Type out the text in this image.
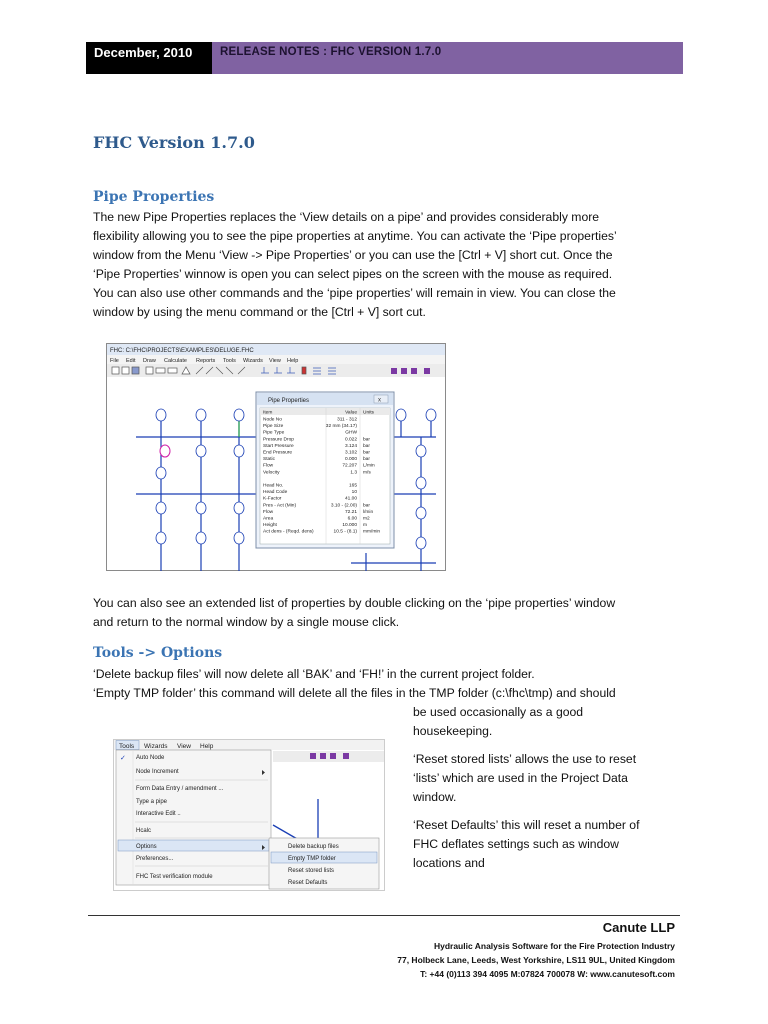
December, 2010	RELEASE NOTES : FHC VERSION 1.7.0
FHC Version 1.7.0
Pipe Properties

The new Pipe Properties replaces the ‘View details on a pipe’ and provides considerably more

flexibility allowing you to see the pipe properties at anytime. You can activate the ‘Pipe properties’

window from the Menu ‘View -> Pipe Properties’ or you can use the [Ctrl + V] short cut. Once the

‘Pipe Properties’ winnow is open you can select pipes on the screen with the mouse as required.

You can also use other commands and the ‘pipe properties’ will remain in view. You can close the

window by using the menu command or the [Ctrl + V] sort cut.

FHC: C:\FHC\PROJECTS\EXAMPLES\DELUGE.FHC
File Edit Draw Calculate Reports Tools Wizards View Help
Pipe Properties	x
Item	Value Units
Node No	311 - 312
Pipe Size	32 mm (34.17)
Pipe Type	GHW
Pressure Drop	0.022 bar
Start Pressure	3.124 bar
End Pressure	3.102 bar
Static	0.000 bar
Flow	72.207 L/min
Velocity	1.3 m/s
Head No.	165
Head Code	10
K-Factor	41.00
Pres - Act (Min)	3.10 - (2.00) bar
Flow	72.21 l/min
Area	6.00 m2
Height	10.000 m
Act dens - (Reqd. dens)	10.5 - (8.1) mm/min

You can also see an extended list of properties by double clicking on the ‘pipe properties’ window

and return to the normal window by a single mouse click.

Tools -> Options

‘Delete backup files’ will now delete all ‘BAK’ and ‘FH!’ in the current project folder.

‘Empty TMP folder’ this command will delete all the files in the TMP folder (c:\fhc\tmp) and should

be used occasionally as a good

housekeeping.

‘Reset stored lists’ allows the use to reset

‘lists’ which are used in the Project Data

window.

‘Reset Defaults’ this will reset a number of

FHC deflates settings such as window

locations and

Tools Wizards View Help
✓ Auto Node
Node Increment
Form Data Entry / amendment ...
Type a pipe
Interactive Edit ..
Hcalc
Options
Preferences...
FHC Test verification module
Delete backup files
Empty TMP folder
Reset stored lists
Reset Defaults
Canute LLP
Hydraulic Analysis Software for the Fire Protection Industry
77, Holbeck Lane, Leeds, West Yorkshire, LS11 9UL, United Kingdom
T: +44 (0)113 394 4095 M:07824 700078 W: www.canutesoft.com
